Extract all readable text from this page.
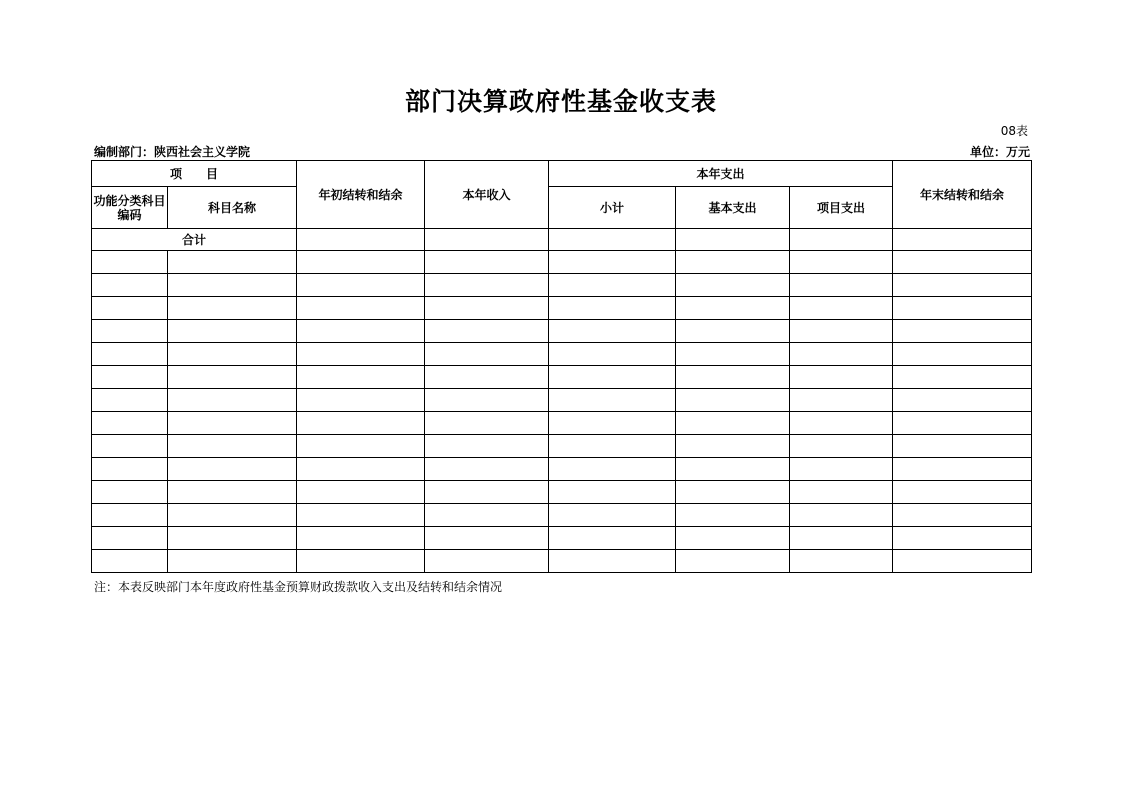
部门决算政府性基金收支表
08表
编制部门：陕西社会主义学院	单位：万元
项　　目		年初结转和结余	本年收入	本年支出			年末结转和结余
功能分类科目编码	科目名称			小计	基本支出	项目支出	
合计							

注：本表反映部门本年度政府性基金预算财政拨款收入支出及结转和结余情况
